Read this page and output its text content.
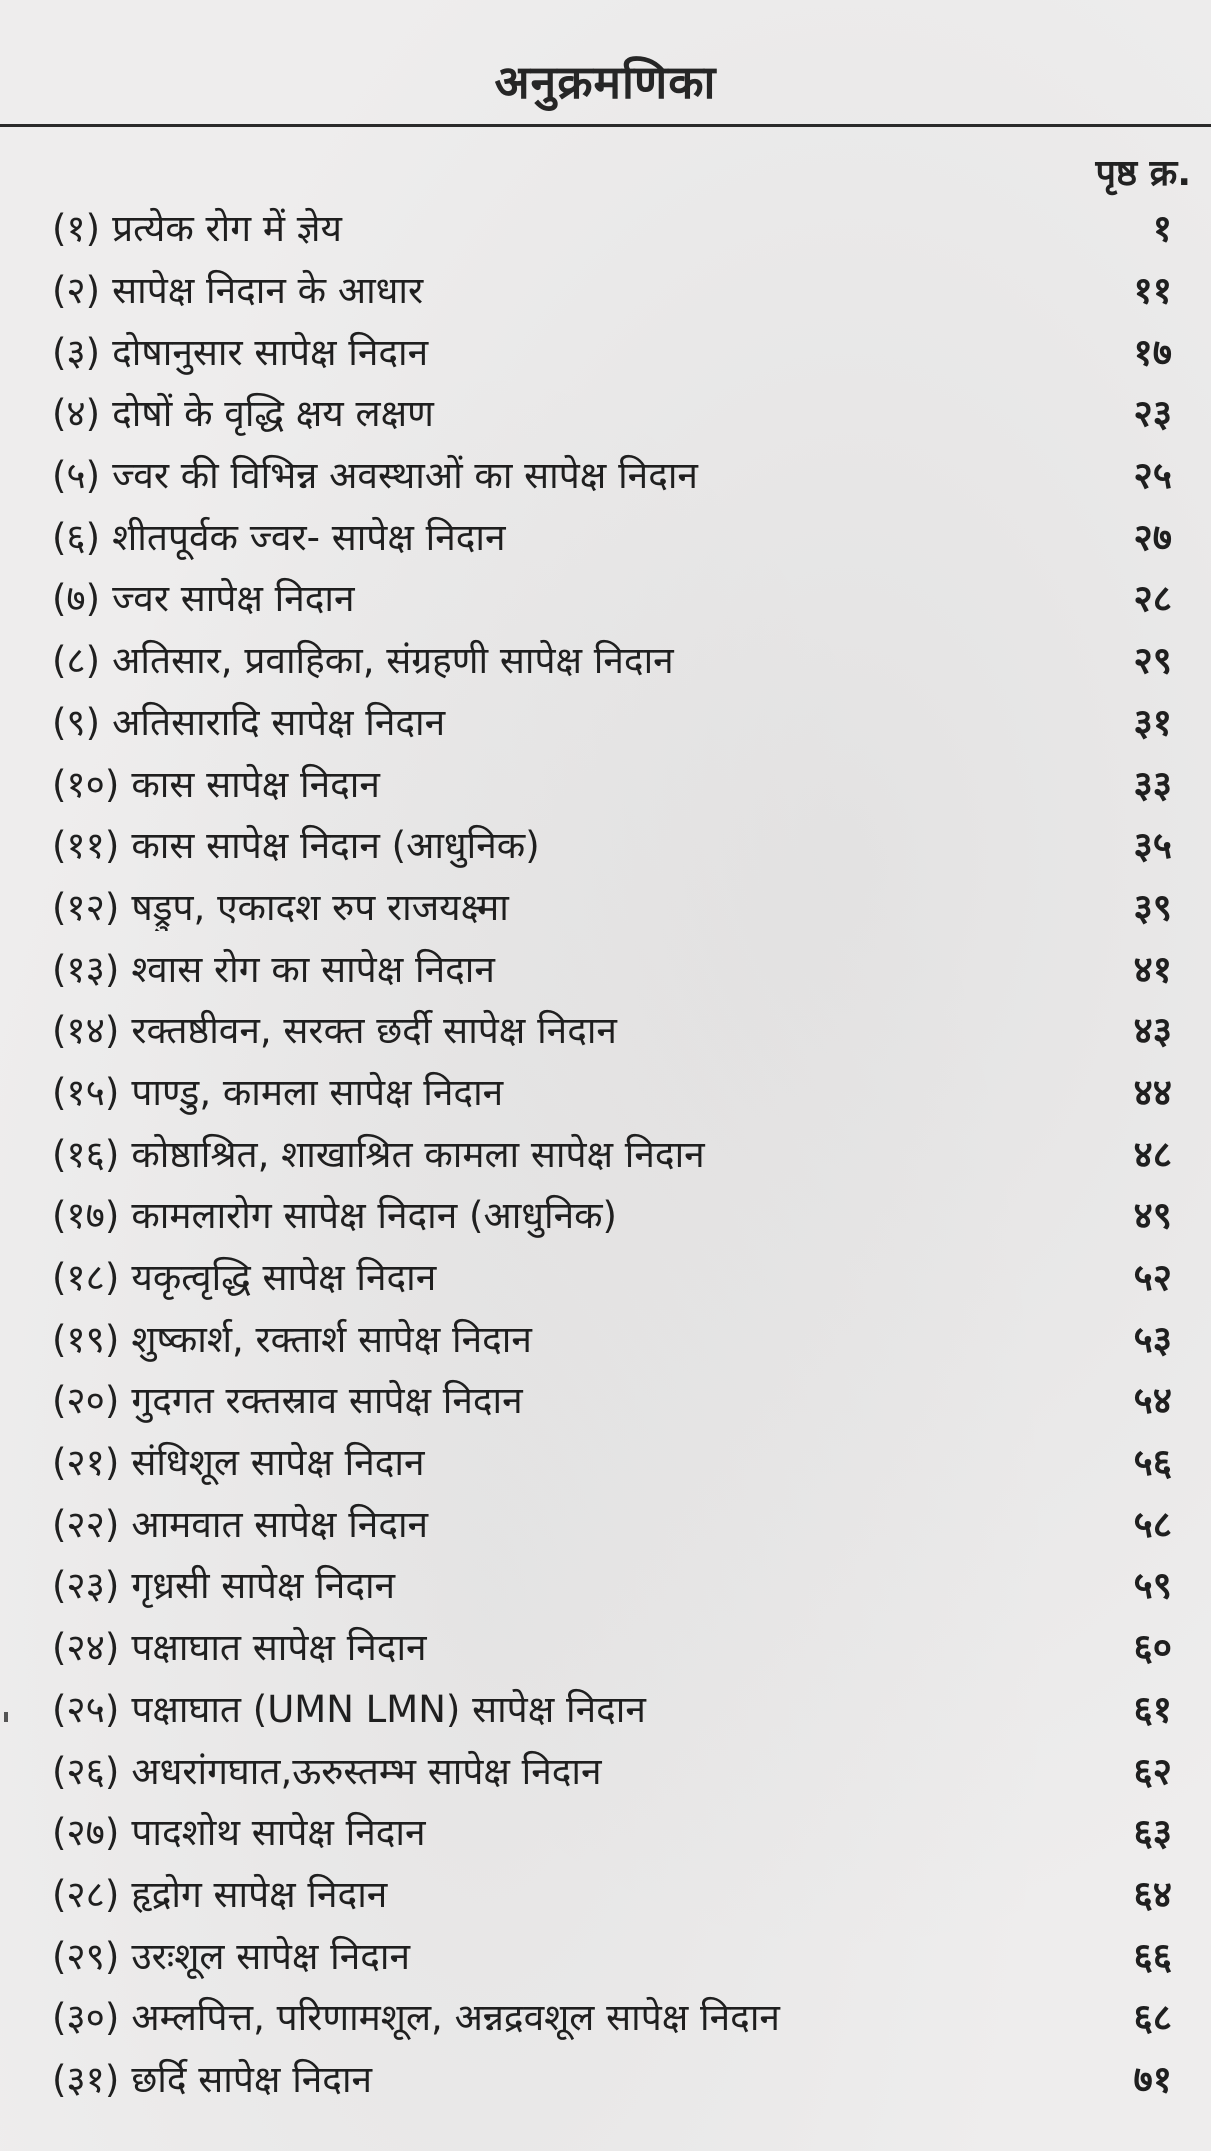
अनुक्रमणिका
पृष्ठ क्र.
(१) प्रत्येक रोग में ज्ञेय	१
(२) सापेक्ष निदान के आधार	११
(३) दोषानुसार सापेक्ष निदान	१७
(४) दोषों के वृद्धि क्षय लक्षण	२३
(५) ज्वर की विभिन्न अवस्थाओं का सापेक्ष निदान	२५
(६) शीतपूर्वक ज्वर- सापेक्ष निदान	२७
(७) ज्वर सापेक्ष निदान	२८
(८) अतिसार, प्रवाहिका, संग्रहणी सापेक्ष निदान	२९
(९) अतिसारादि सापेक्ष निदान	३१
(१०) कास सापेक्ष निदान	३३
(११) कास सापेक्ष निदान (आधुनिक)	३५
(१२) षड्रुप, एकादश रुप राजयक्ष्मा	३९
(१३) श्वास रोग का सापेक्ष निदान	४१
(१४) रक्तष्ठीवन, सरक्त छर्दी सापेक्ष निदान	४३
(१५) पाण्डु, कामला सापेक्ष निदान	४४
(१६) कोष्ठाश्रित, शाखाश्रित कामला सापेक्ष निदान	४८
(१७) कामलारोग सापेक्ष निदान (आधुनिक)	४९
(१८) यकृत्वृद्धि सापेक्ष निदान	५२
(१९) शुष्कार्श, रक्तार्श सापेक्ष निदान	५३
(२०) गुदगत रक्तस्राव सापेक्ष निदान	५४
(२१) संधिशूल सापेक्ष निदान	५६
(२२) आमवात सापेक्ष निदान	५८
(२३) गृध्रसी सापेक्ष निदान	५९
(२४) पक्षाघात सापेक्ष निदान	६०
(२५) पक्षाघात (UMN LMN) सापेक्ष निदान	६१
(२६) अधरांगघात,ऊरुस्तम्भ सापेक्ष निदान	६२
(२७) पादशोथ सापेक्ष निदान	६३
(२८) हृद्रोग सापेक्ष निदान	६४
(२९) उरःशूल सापेक्ष निदान	६६
(३०) अम्लपित्त, परिणामशूल, अन्नद्रवशूल सापेक्ष निदान	६८
(३१) छर्दि सापेक्ष निदान	७१
